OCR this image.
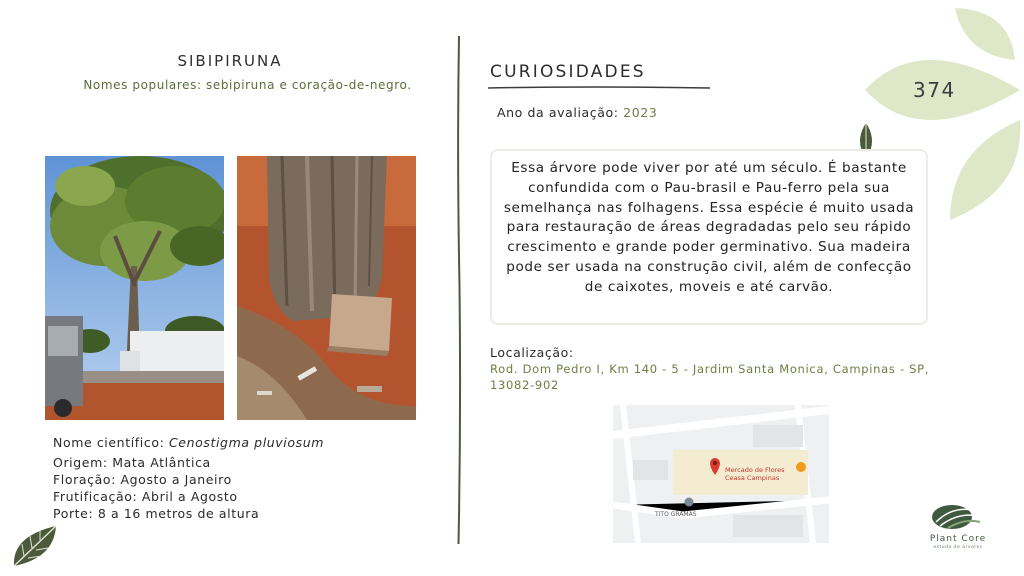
SIBIPIRUNA
Nomes populares: sebipiruna e coração-de-negro.
Nome científico: Cenostigma pluviosum
Origem: Mata Atlântica
Floração: Agosto a Janeiro
Frutificação: Abril a Agosto
Porte: 8 a 16 metros de altura
CURIOSIDADES
Ano da avaliação: 2023
Essa árvore pode viver por até um século. É bastante confundida com o Pau-brasil e Pau-ferro pela sua semelhança nas folhagens. Essa espécie é muito usada para restauração de áreas degradadas pelo seu rápido crescimento e grande poder germinativo. Sua madeira pode ser usada na construção civil, além de confecção de caixotes, moveis e até carvão.
Localização:
Rod. Dom Pedro I, Km 140 - 5 - Jardim Santa Monica, Campinas - SP, 13082-902
Mercado de Flores
Ceasa Campinas
TITO GRAMAS
374
Plant Core
estudo de arvores
